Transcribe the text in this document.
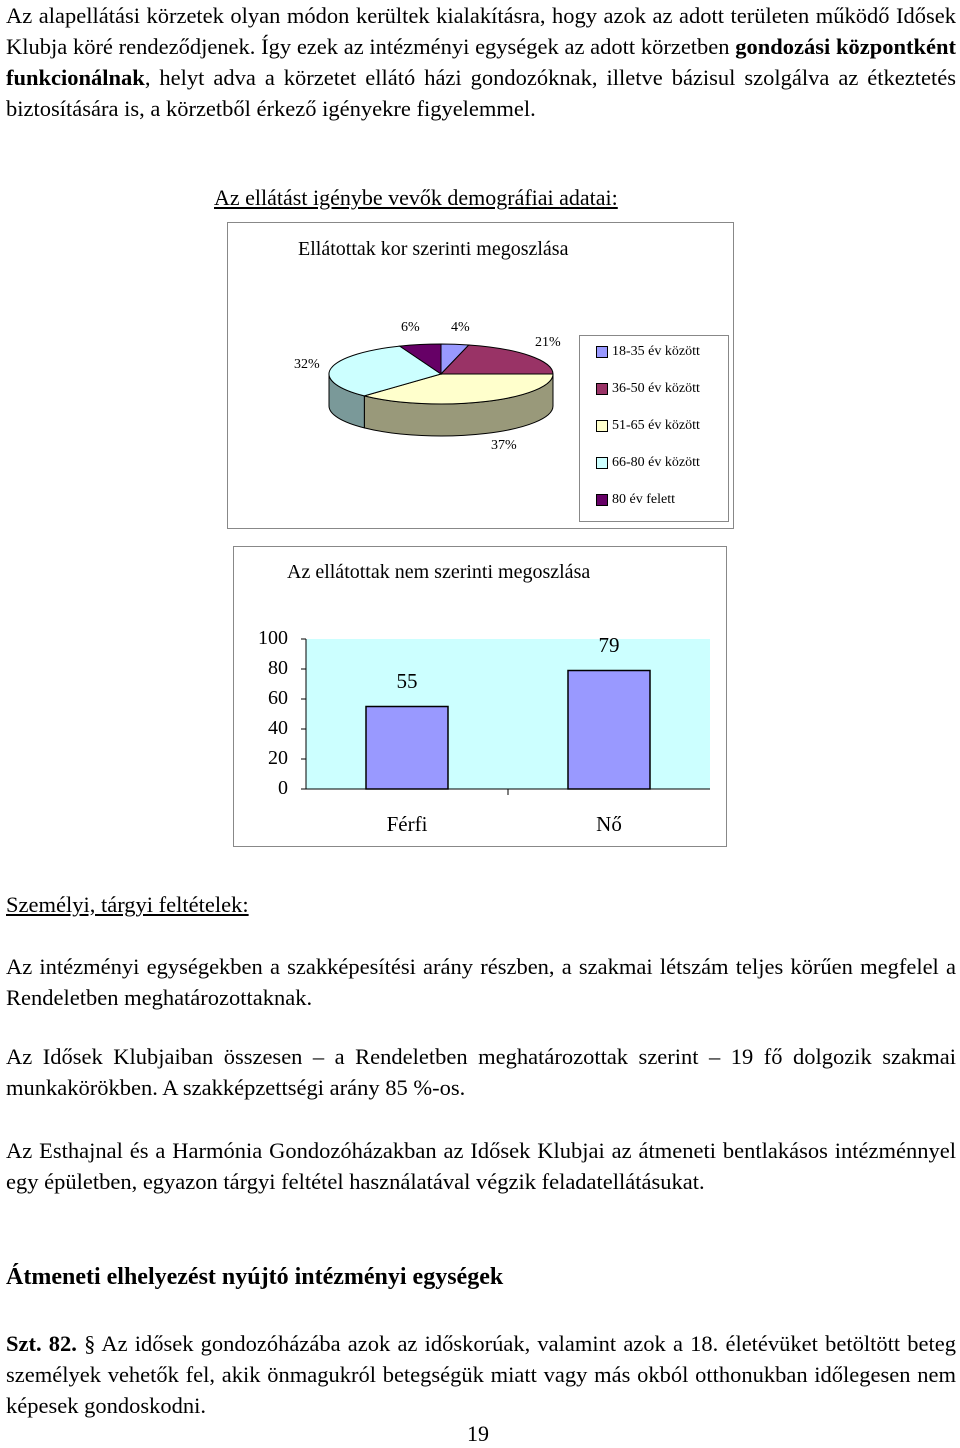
Az alapellátási körzetek olyan módon kerültek kialakításra, hogy azok az adott területen működő Idősek Klubja köré rendeződjenek. Így ezek az intézményi egységek az adott körzetben gondozási központként funkcionálnak, helyt adva a körzetet ellátó házi gondozóknak, illetve bázisul szolgálva az étkeztetés biztosítására is, a körzetből érkező igényekre figyelemmel.
Az ellátást igénybe vevők demográfiai adatai:
Ellátottak kor szerinti megoszlása
32%
6% 4%
21%
37%
18-35 év között
36-50 év között
51-65 év között
66-80 év között
80 év felett
Az ellátottak nem szerinti megoszlása
100
80
60
40
20
0
Férfi	Nő
55
79
Személyi, tárgyi feltételek:
Az intézményi egységekben a szakképesítési arány részben, a szakmai létszám teljes körűen megfelel a Rendeletben meghatározottaknak.
Az Idősek Klubjaiban összesen – a Rendeletben meghatározottak szerint – 19 fő dolgozik szakmai munkakörökben. A szakképzettségi arány 85 %-os.
Az Esthajnal és a Harmónia Gondozóházakban az Idősek Klubjai az átmeneti bentlakásos intézménnyel egy épületben, egyazon tárgyi feltétel használatával végzik feladatellátásukat.
Átmeneti elhelyezést nyújtó intézményi egységek
Szt. 82. § Az idősek gondozóházába azok az időskorúak, valamint azok a 18. életévüket betöltött beteg személyek vehetők fel, akik önmagukról betegségük miatt vagy más okból otthonukban időlegesen nem képesek gondoskodni.
19
